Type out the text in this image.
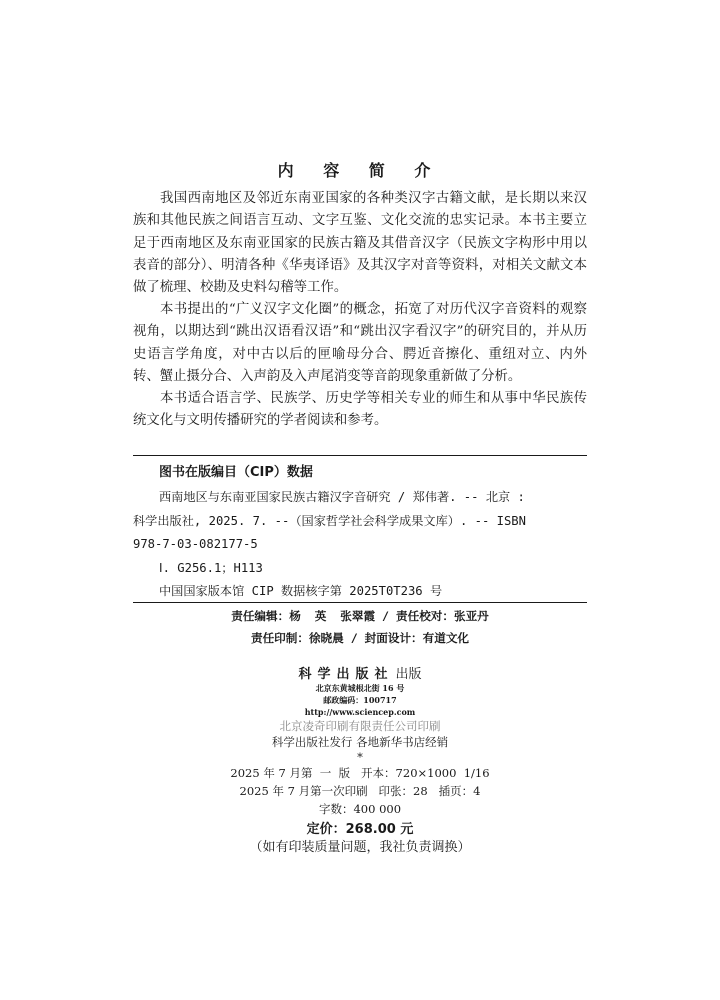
内 容 简 介

我国西南地区及邻近东南亚国家的各种类汉字古籍文献，是长期以来汉族和其他民族之间语言互动、文字互鉴、文化交流的忠实记录。本书主要立足于西南地区及东南亚国家的民族古籍及其借音汉字（民族文字构形中用以表音的部分）、明清各种《华夷译语》及其汉字对音等资料，对相关文献文本做了梳理、校勘及史料勾稽等工作。

本书提出的“广义汉字文化圈”的概念，拓宽了对历代汉字音资料的观察视角，以期达到“跳出汉语看汉语”和“跳出汉字看汉字”的研究目的，并从历史语言学角度，对中古以后的匣喻母分合、腭近音擦化、重纽对立、内外转、蟹止摄分合、入声韵及入声尾消变等音韵现象重新做了分析。

本书适合语言学、民族学、历史学等相关专业的师生和从事中华民族传统文化与文明传播研究的学者阅读和参考。

图书在版编目（CIP）数据
西南地区与东南亚国家民族古籍汉字音研究 / 郑伟著. -- 北京 :
科学出版社, 2025. 7. --（国家哲学社会科学成果文库）. -- ISBN
978-7-03-082177-5
Ⅰ. G256.1；H113
中国国家版本馆 CIP 数据核字第 2025T0T236 号
责任编辑：杨  英  张翠霞 / 责任校对：张亚丹
责任印制：徐晓晨 / 封面设计：有道文化
科学出版社 出版
北京东黄城根北街 16 号
邮政编码：100717
http://www.sciencep.com
北京凌奇印刷有限责任公司印刷
科学出版社发行 各地新华书店经销
*
2025 年 7 月第  一  版   开本：720×1000  1/16
2025 年 7 月第一次印刷   印张：28   插页：4
字数：400 000
定价：268.00 元
（如有印装质量问题，我社负责调换）
